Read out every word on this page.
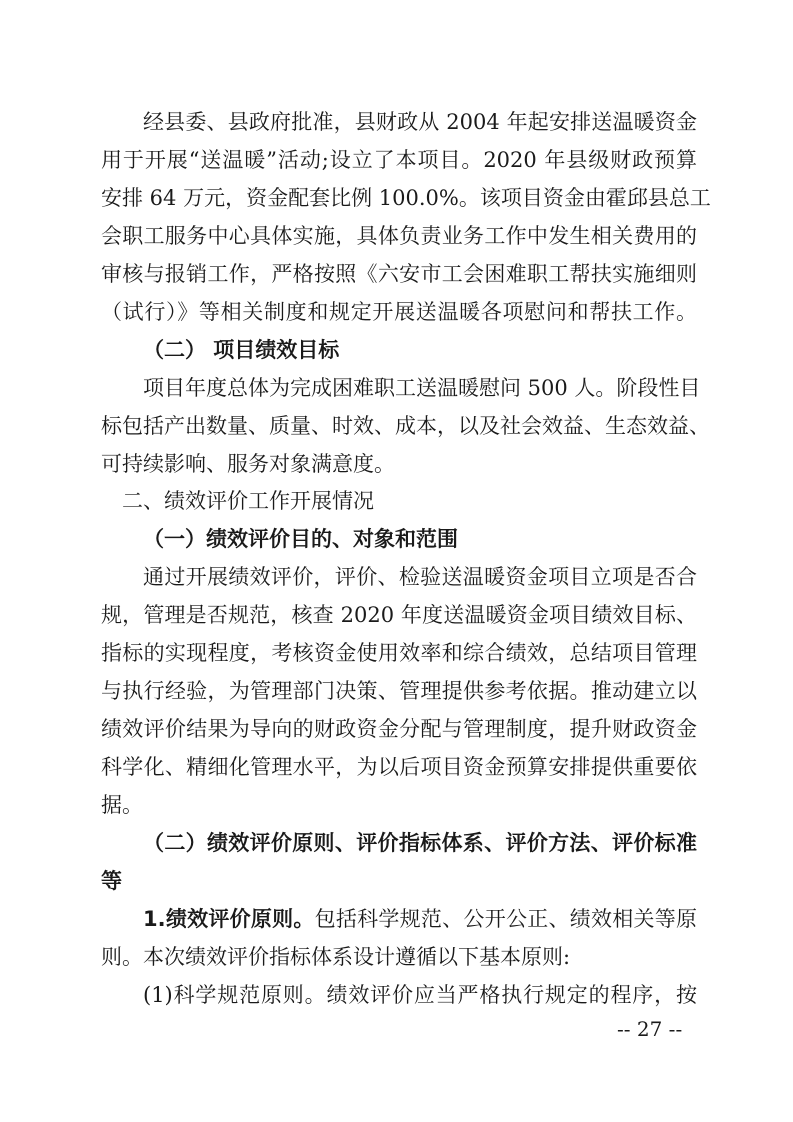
经县委、县政府批准，县财政从 2004 年起安排送温暖资金
用于开展“送温暖”活动;设立了本项目。2020 年县级财政预算
安排 64 万元，资金配套比例 100.0%。该项目资金由霍邱县总工
会职工服务中心具体实施，具体负责业务工作中发生相关费用的
审核与报销工作，严格按照《六安市工会困难职工帮扶实施细则
（试行）》等相关制度和规定开展送温暖各项慰问和帮扶工作。
（二） 项目绩效目标
项目年度总体为完成困难职工送温暖慰问 500 人。阶段性目
标包括产出数量、质量、时效、成本，以及社会效益、生态效益、
可持续影响、服务对象满意度。
二、绩效评价工作开展情况
（一）绩效评价目的、对象和范围
通过开展绩效评价，评价、检验送温暖资金项目立项是否合
规，管理是否规范，核查 2020 年度送温暖资金项目绩效目标、
指标的实现程度，考核资金使用效率和综合绩效，总结项目管理
与执行经验，为管理部门决策、管理提供参考依据。推动建立以
绩效评价结果为导向的财政资金分配与管理制度，提升财政资金
科学化、精细化管理水平，为以后项目资金预算安排提供重要依
据。
（二）绩效评价原则、评价指标体系、评价方法、评价标准
等
1.绩效评价原则。包括科学规范、公开公正、绩效相关等原
则。本次绩效评价指标体系设计遵循以下基本原则:
(1)科学规范原则。绩效评价应当严格执行规定的程序，按
-- 27 --
